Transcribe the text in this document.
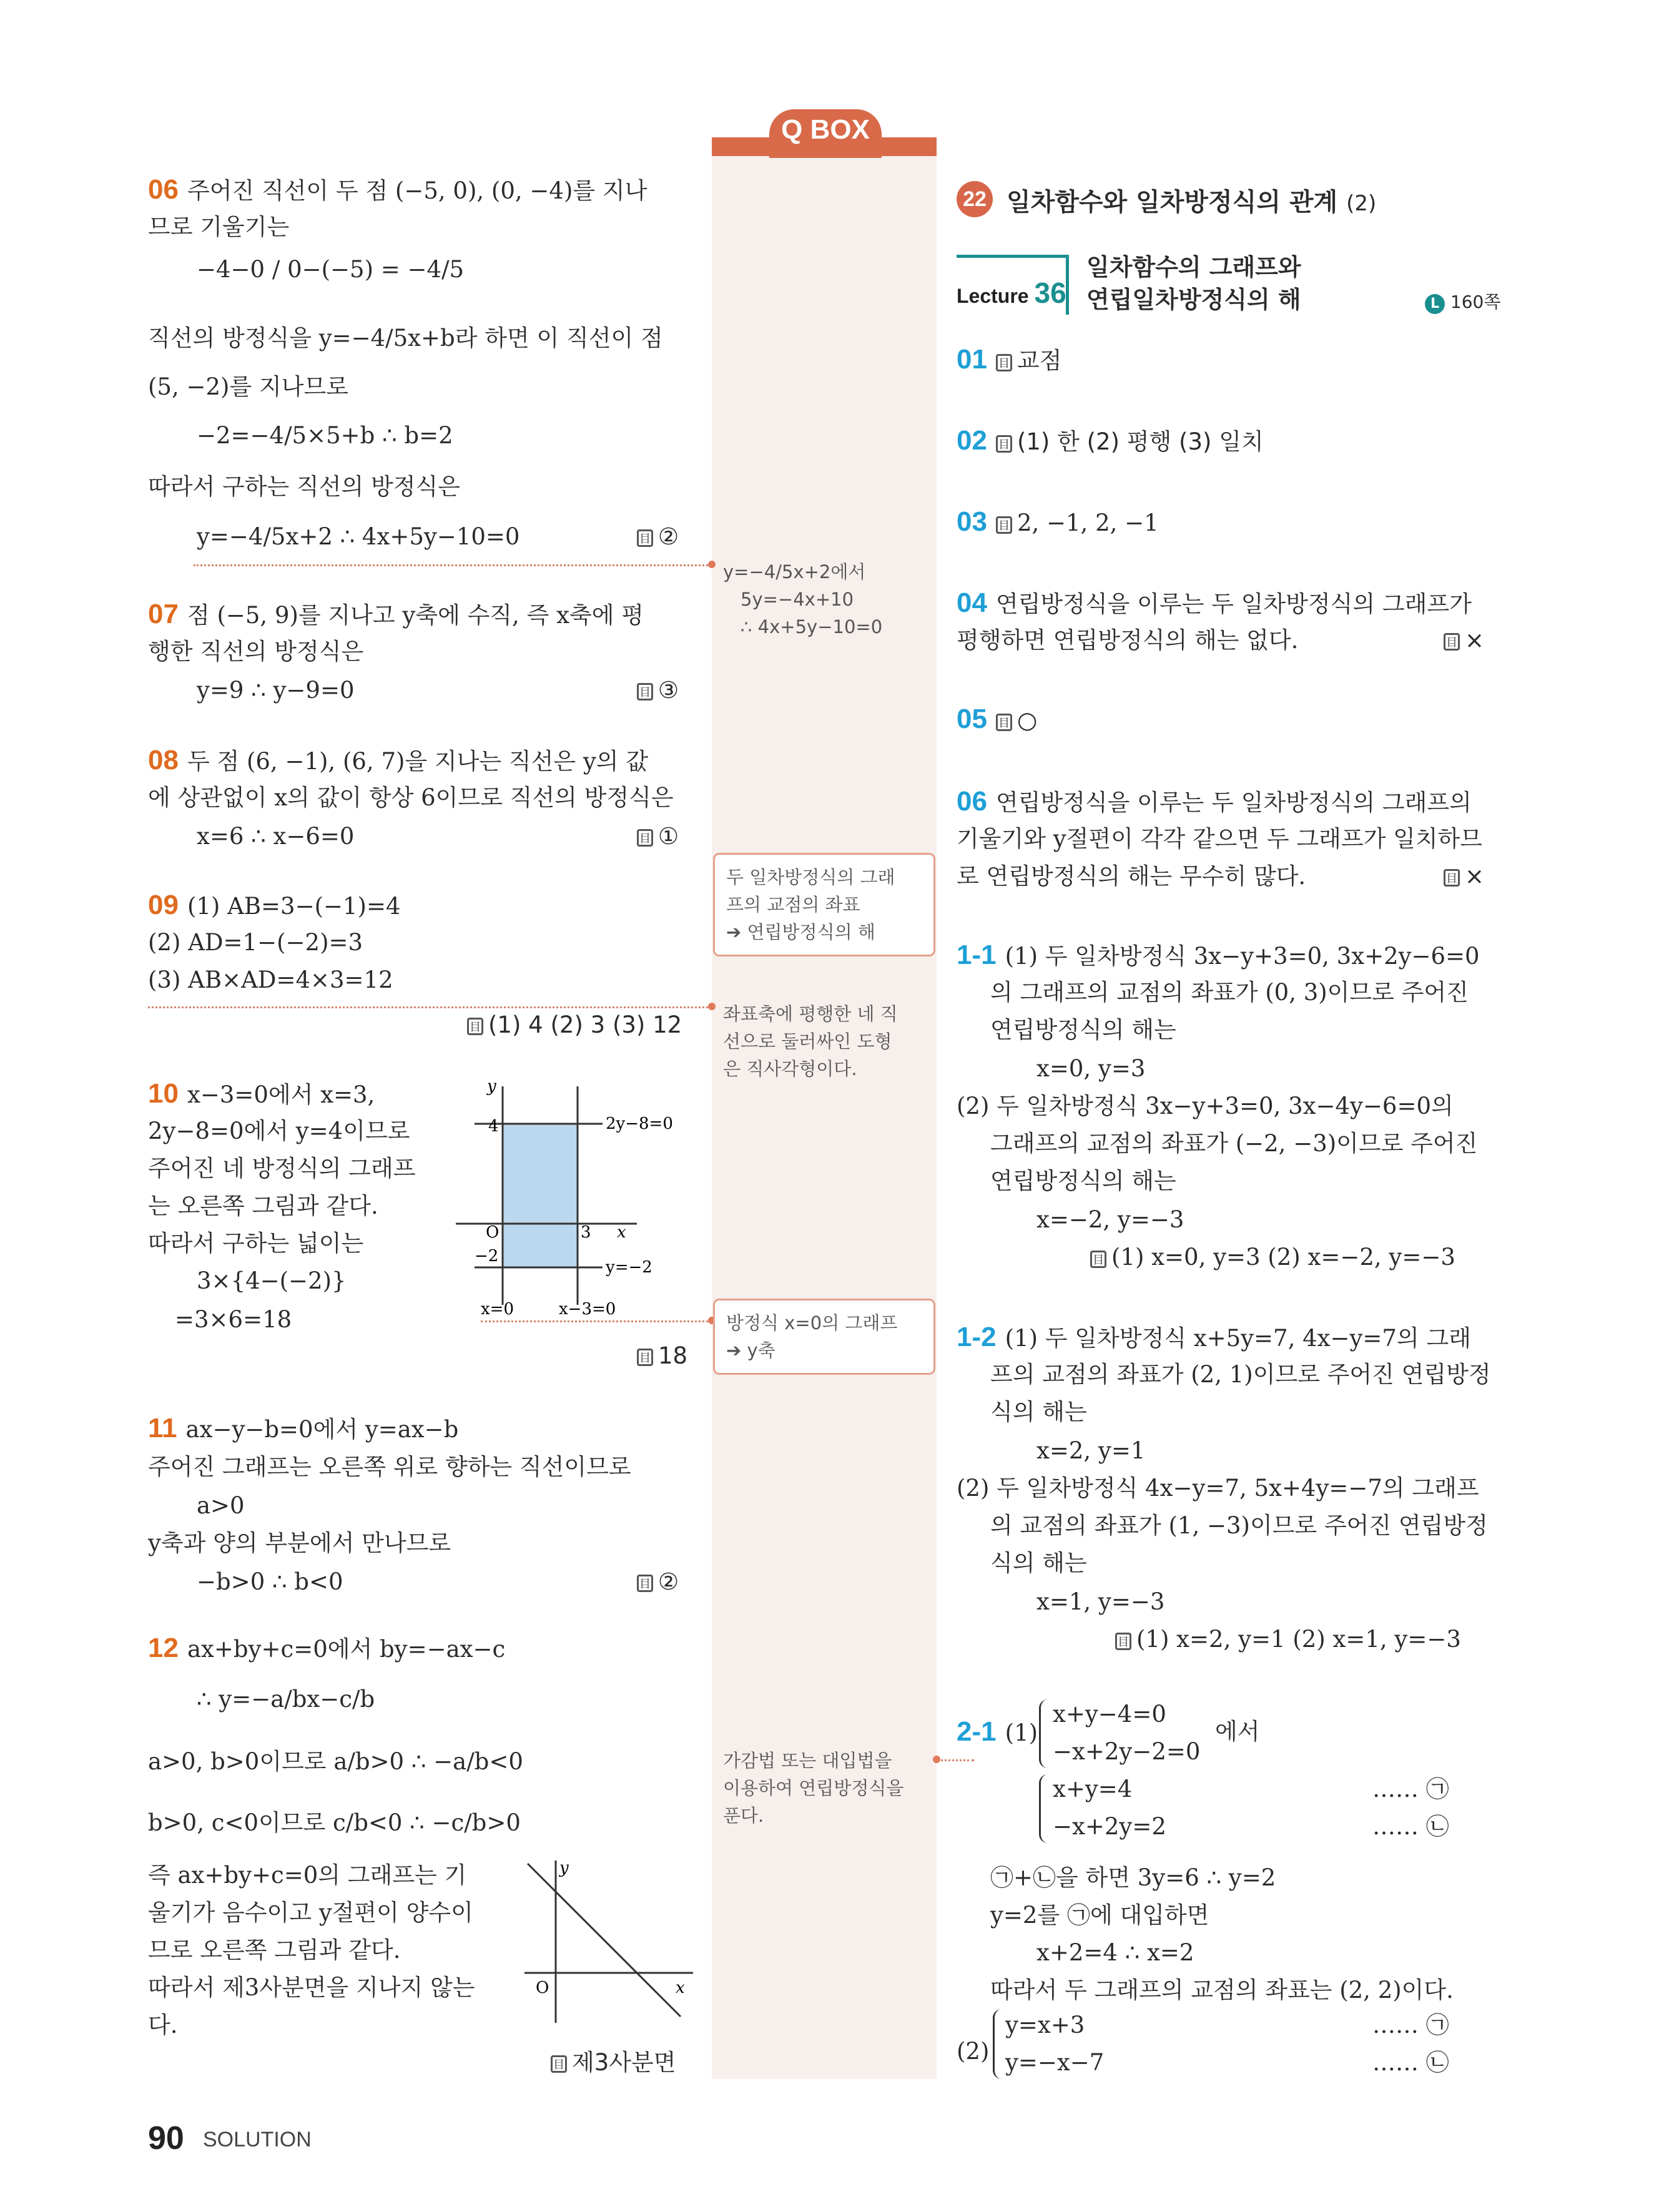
Q BOX
06 주어진 직선이 두 점 (−5, 0), (0, −4)를 지나
므로 기울기는
−4−0 / 0−(−5) = −4/5
직선의 방정식을 y=−4/5x+b라 하면 이 직선이 점
(5, −2)를 지나므로
−2=−4/5×5+b ∴ b=2
따라서 구하는 직선의 방정식은
y=−4/5x+2 ∴ 4x+5y−10=0	目 ②
07 점 (−5, 9)를 지나고 y축에 수직, 즉 x축에 평
행한 직선의 방정식은
y=9 ∴ y−9=0	目 ③
08 두 점 (6, −1), (6, 7)을 지나는 직선은 y의 값
에 상관없이 x의 값이 항상 6이므로 직선의 방정식은
x=6 ∴ x−6=0	目 ①
09 (1) AB=3−(−1)=4
(2) AD=1−(−2)=3
(3) AB×AD=4×3=12
目 (1) 4 (2) 3 (3) 12
10 x−3=0에서 x=3,
2y−8=0에서 y=4이므로
주어진 네 방정식의 그래프
는 오른쪽 그림과 같다.
따라서 구하는 넓이는
3×{4−(−2)}
=3×6=18
目 18
y
4
O	3 x
−2
2y−8=0
y=−2
x=0	x−3=0
11 ax−y−b=0에서 y=ax−b
주어진 그래프는 오른쪽 위로 향하는 직선이므로
a>0
y축과 양의 부분에서 만나므로
−b>0 ∴ b<0	目 ②
12 ax+by+c=0에서 by=−ax−c
∴ y=−a/bx−c/b
a>0, b>0이므로 a/b>0 ∴ −a/b<0
b>0, c<0이므로 c/b<0 ∴ −c/b>0
즉 ax+by+c=0의 그래프는 기
울기가 음수이고 y절편이 양수이
므로 오른쪽 그림과 같다.
따라서 제3사분면을 지나지 않는
다.
目 제3사분면
y
O	x
90 SOLUTION
y=−4/5x+2에서
5y=−4x+10
∴ 4x+5y−10=0
두 일차방정식의 그래
프의 교점의 좌표
➔ 연립방정식의 해
좌표축에 평행한 네 직
선으로 둘러싸인 도형
은 직사각형이다.
방정식 x=0의 그래프
➔ y축
가감법 또는 대입법을
이용하여 연립방정식을
푼다.
22 일차함수와 일차방정식의 관계 (2)
Lecture 36
일차함수의 그래프와
연립일차방정식의 해	L 160쪽
01 目 교점
02 目 (1) 한 (2) 평행 (3) 일치
03 目 2, −1, 2, −1
04 연립방정식을 이루는 두 일차방정식의 그래프가
평행하면 연립방정식의 해는 없다.	目 ×
05 目 ○
06 연립방정식을 이루는 두 일차방정식의 그래프의
기울기와 y절편이 각각 같으면 두 그래프가 일치하므
로 연립방정식의 해는 무수히 많다.	目 ×
1-1 (1) 두 일차방정식 3x−y+3=0, 3x+2y−6=0
의 그래프의 교점의 좌표가 (0, 3)이므로 주어진
연립방정식의 해는
x=0, y=3
(2) 두 일차방정식 3x−y+3=0, 3x−4y−6=0의
그래프의 교점의 좌표가 (−2, −3)이므로 주어진
연립방정식의 해는
x=−2, y=−3
目 (1) x=0, y=3 (2) x=−2, y=−3
1-2 (1) 두 일차방정식 x+5y=7, 4x−y=7의 그래
프의 교점의 좌표가 (2, 1)이므로 주어진 연립방정
식의 해는
x=2, y=1
(2) 두 일차방정식 4x−y=7, 5x+4y=−7의 그래프
의 교점의 좌표가 (1, −3)이므로 주어진 연립방정
식의 해는
x=1, y=−3
目 (1) x=2, y=1 (2) x=1, y=−3
2-1 (1)
x+y−4=0
−x+2y−2=0
에서
x+y=4
−x+2y=2
…… ㉠
…… ㉡
㉠+㉡을 하면 3y=6 ∴ y=2
y=2를 ㉠에 대입하면
x+2=4 ∴ x=2
따라서 두 그래프의 교점의 좌표는 (2, 2)이다.
(2)
y=x+3
y=−x−7
…… ㉠
…… ㉡
